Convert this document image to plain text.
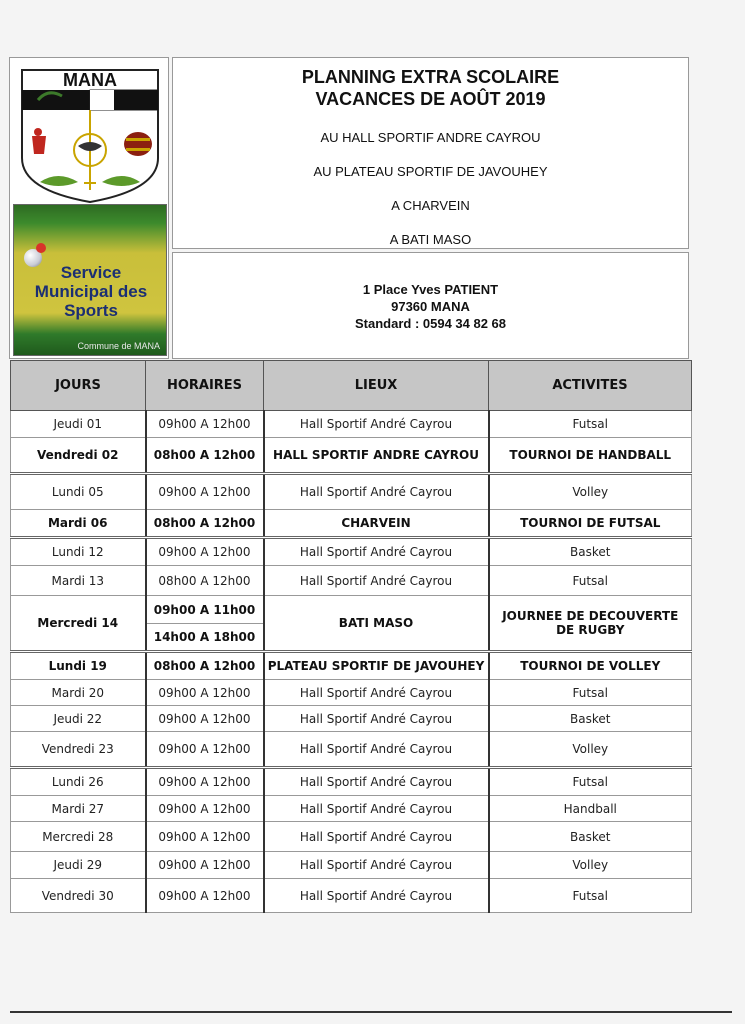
MANA
Service
Municipal des
Sports
Commune de MANA
PLANNING EXTRA SCOLAIRE
VACANCES DE AOÛT 2019
AU HALL SPORTIF ANDRE CAYROU
AU PLATEAU SPORTIF DE JAVOUHEY
A CHARVEIN
A BATI MASO
1 Place Yves PATIENT
97360 MANA
Standard : 0594 34 82 68
JOURS	HORAIRES	LIEUX	ACTIVITES
Jeudi 01	09h00 A 12h00	Hall Sportif André Cayrou	Futsal
Vendredi 02	08h00 A 12h00	HALL SPORTIF ANDRE CAYROU	TOURNOI DE HANDBALL
Lundi 05	09h00 A 12h00	Hall Sportif André Cayrou	Volley
Mardi 06	08h00 A 12h00	CHARVEIN	TOURNOI DE FUTSAL
Lundi 12	09h00 A 12h00	Hall Sportif André Cayrou	Basket
Mardi 13	08h00 A 12h00	Hall Sportif André Cayrou	Futsal
Mercredi 14	09h00 A 11h00	BATI MASO	JOURNEE DE DECOUVERTE DE RUGBY
	14h00 A 18h00		
Lundi 19	08h00 A 12h00	PLATEAU SPORTIF DE JAVOUHEY	TOURNOI DE VOLLEY
Mardi 20	09h00 A 12h00	Hall Sportif André Cayrou	Futsal
Jeudi 22	09h00 A 12h00	Hall Sportif André Cayrou	Basket
Vendredi 23	09h00 A 12h00	Hall Sportif André Cayrou	Volley
Lundi 26	09h00 A 12h00	Hall Sportif André Cayrou	Futsal
Mardi 27	09h00 A 12h00	Hall Sportif André Cayrou	Handball
Mercredi 28	09h00 A 12h00	Hall Sportif André Cayrou	Basket
Jeudi 29	09h00 A 12h00	Hall Sportif André Cayrou	Volley
Vendredi 30	09h00 A 12h00	Hall Sportif André Cayrou	Futsal
